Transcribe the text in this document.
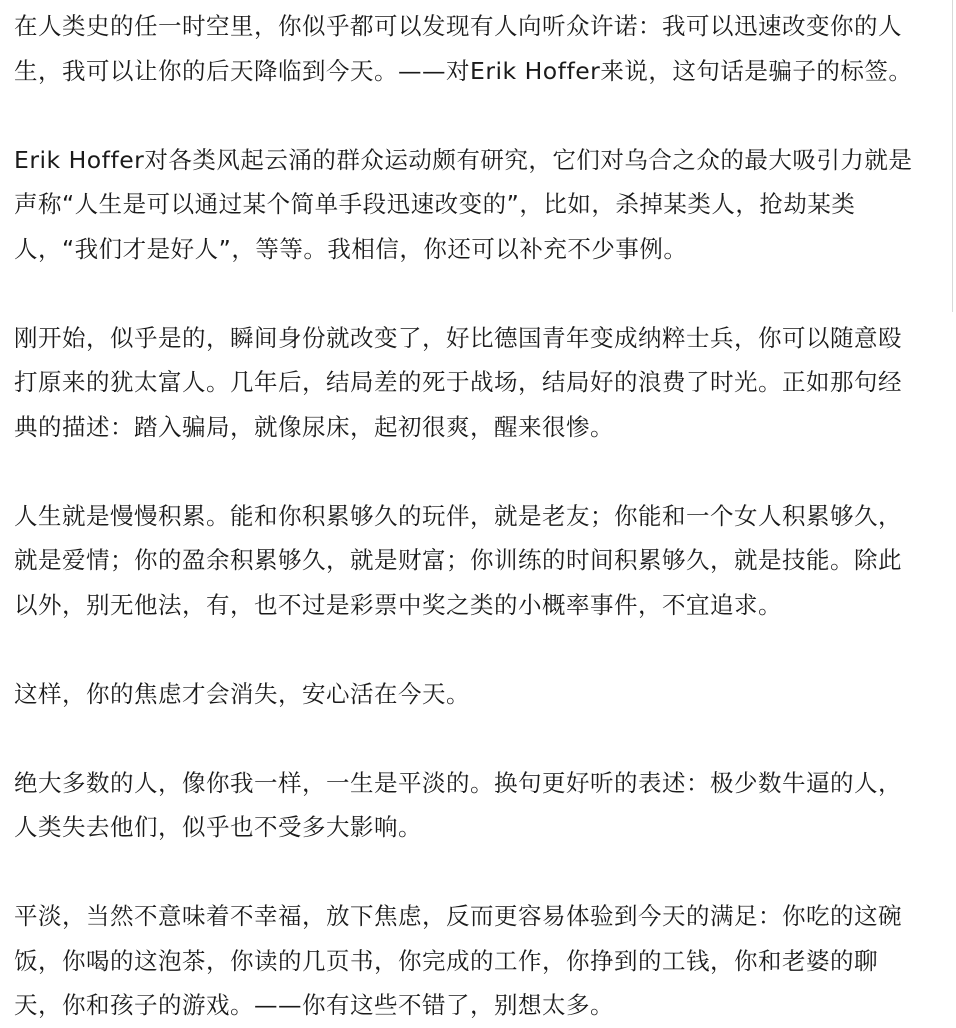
在人类史的任一时空里，你似乎都可以发现有人向听众许诺：我可以迅速改变你的人
生，我可以让你的后天降临到今天。——对Erik Hoffer来说，这句话是骗子的标签。

Erik Hoffer对各类风起云涌的群众运动颇有研究，它们对乌合之众的最大吸引力就是
声称“人生是可以通过某个简单手段迅速改变的”，比如，杀掉某类人，抢劫某类
人，“我们才是好人”，等等。我相信，你还可以补充不少事例。

刚开始，似乎是的，瞬间身份就改变了，好比德国青年变成纳粹士兵，你可以随意殴
打原来的犹太富人。几年后，结局差的死于战场，结局好的浪费了时光。正如那句经
典的描述：踏入骗局，就像尿床，起初很爽，醒来很惨。

人生就是慢慢积累。能和你积累够久的玩伴，就是老友；你能和一个女人积累够久，
就是爱情；你的盈余积累够久，就是财富；你训练的时间积累够久，就是技能。除此
以外，别无他法，有，也不过是彩票中奖之类的小概率事件，不宜追求。

这样，你的焦虑才会消失，安心活在今天。

绝大多数的人，像你我一样，一生是平淡的。换句更好听的表述：极少数牛逼的人，
人类失去他们，似乎也不受多大影响。

平淡，当然不意味着不幸福，放下焦虑，反而更容易体验到今天的满足：你吃的这碗
饭，你喝的这泡茶，你读的几页书，你完成的工作，你挣到的工钱，你和老婆的聊
天，你和孩子的游戏。——你有这些不错了，别想太多。
